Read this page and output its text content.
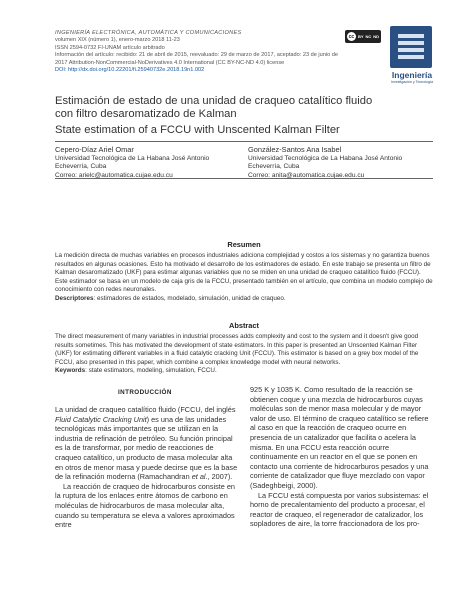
INGENIERÍA ELECTRÓNICA, AUTOMÁTICA Y COMUNICACIONES
volumen XIX (número 1), enero-marzo 2018 11-23
ISSN 2594-0732 FI-UNAM artículo arbitrado
Información del artículo: recibido: 21 de abril de 2015, reevaluado: 29 de marzo de 2017, aceptado: 23 de junio de
2017 Attribution-NonCommercial-NoDerivatives 4.0 International (CC BY-NC-ND 4.0) license
DOI: http://dx.doi.org/10.22201/fi.25940732e.2018.19n1.002
cc BY NC ND
Ingeniería
Investigación y Tecnología
Estimación de estado de una unidad de craqueo catalítico fluido con filtro desaromatizado de Kalman
State estimation of a FCCU with Unscented Kalman Filter
Cepero-Díaz Ariel Omar
Universidad Tecnológica de La Habana José Antonio Echeverría, Cuba
Correo: arielc@automatica.cujae.edu.cu
González-Santos Ana Isabel
Universidad Tecnológica de La Habana José Antonio Echeverría, Cuba
Correo: anita@automatica.cujae.edu.cu
Resumen
La medición directa de muchas variables en procesos industriales adiciona complejidad y costos a los sistemas y no garantiza buenos resultados en algunas ocasiones. Esto ha motivado el desarrollo de los estimadores de estado. En este trabajo se presenta un filtro de Kalman desaromatizado (UKF) para estimar algunas variables que no se miden en una unidad de craqueo catalítico fluido (FCCU). Este estimador se basa en un modelo de caja gris de la FCCU, presentado también en el artículo, que combina un modelo complejo de conocimiento con redes neuronales.
Descriptores: estimadores de estados, modelado, simulación, unidad de craqueo.
Abstract
The direct measurement of many variables in industrial processes adds complexity and cost to the system and it doesn't give good results sometimes. This has motivated the development of state estimators. In this paper is presented an Unscented Kalman Filter (UKF) for estimating different variables in a fluid catalytic cracking Unit (FCCU). This estimator is based on a grey box model of the FCCU, also presented in this paper, which combine a complex knowledge model with neural networks.
Keywords: state estimators, modeling, simulation, FCCU.
INTRODUCCIÓN

La unidad de craqueo catalítico fluido (FCCU, del inglés Fluid Catalytic Cracking Unit) es una de las unidades tecnológicas más importantes que se utilizan en la industria de refinación de petróleo. Su función principal es la de transformar, por medio de reacciones de craqueo catalítico, un producto de masa molecular alta en otros de menor masa y puede decirse que es la base de la refinación moderna (Ramachandran et al., 2007).

La reacción de craqueo de hidrocarburos consiste en la ruptura de los enlaces entre átomos de carbono en moléculas de hidrocarburos de masa molecular alta, cuando su temperatura se eleva a valores aproximados entre

925 K y 1035 K. Como resultado de la reacción se obtienen coque y una mezcla de hidrocarburos cuyas moléculas son de menor masa molecular y de mayor valor de uso. El término de craqueo catalítico se refiere al caso en que la reacción de craqueo ocurre en presencia de un catalizador que facilita o acelera la misma. En una FCCU esta reacción ocurre continuamente en un reactor en el que se ponen en contacto una corriente de hidrocarburos pesados y una corriente de catalizador que fluye mezclado con vapor (Sadeghbeigi, 2000).

La FCCU está compuesta por varios subsistemas: el horno de precalentamiento del producto a procesar, el reactor de craqueo, el regenerador de catalizador, los sopladores de aire, la torre fraccionadora de los pro-
